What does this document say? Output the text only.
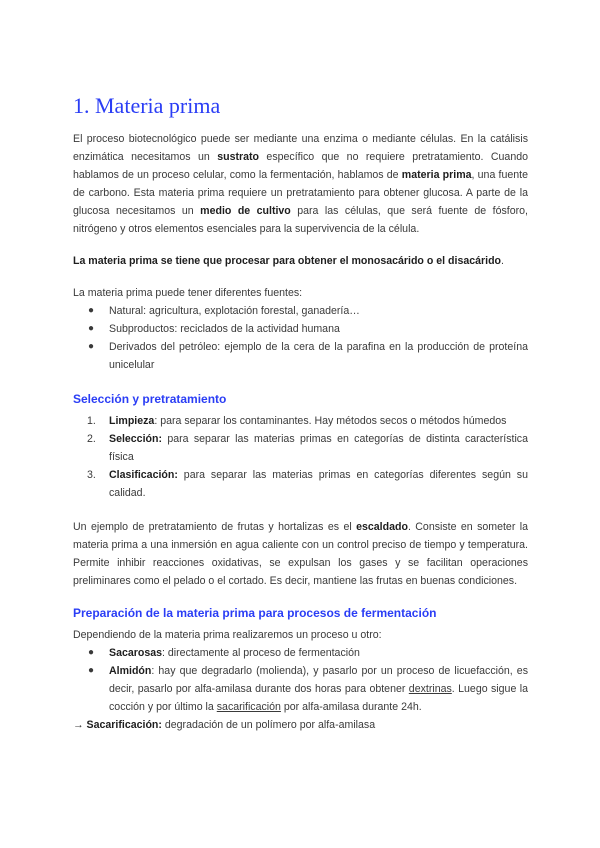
1. Materia prima

El proceso biotecnológico puede ser mediante una enzima o mediante células. En la catálisis enzimática necesitamos un sustrato específico que no requiere pretratamiento. Cuando hablamos de un proceso celular, como la fermentación, hablamos de materia prima, una fuente de carbono. Esta materia prima requiere un pretratamiento para obtener glucosa. A parte de la glucosa necesitamos un medio de cultivo para las células, que será fuente de fósforo, nitrógeno y otros elementos esenciales para la supervivencia de la célula.

La materia prima se tiene que procesar para obtener el monosacárido o el disacárido.

La materia prima puede tener diferentes fuentes:

● Natural: agricultura, explotación forestal, ganadería…
● Subproductos: reciclados de la actividad humana
● Derivados del petróleo: ejemplo de la cera de la parafina en la producción de proteína unicelular
Selección y pretratamiento
1. Limpieza: para separar los contaminantes. Hay métodos secos o métodos húmedos
2. Selección: para separar las materias primas en categorías de distinta característica física
3. Clasificación: para separar las materias primas en categorías diferentes según su calidad.

Un ejemplo de pretratamiento de frutas y hortalizas es el escaldado. Consiste en someter la materia prima a una inmersión en agua caliente con un control preciso de tiempo y temperatura. Permite inhibir reacciones oxidativas, se expulsan los gases y se facilitan operaciones preliminares como el pelado o el cortado. Es decir, mantiene las frutas en buenas condiciones.

Preparación de la materia prima para procesos de fermentación

Dependiendo de la materia prima realizaremos un proceso u otro:

● Sacarosas: directamente al proceso de fermentación
● Almidón: hay que degradarlo (molienda), y pasarlo por un proceso de licuefacción, es decir, pasarlo por alfa-amilasa durante dos horas para obtener dextrinas. Luego sigue la cocción y por último la sacarificación por alfa-amilasa durante 24h.

→ Sacarificación: degradación de un polímero por alfa-amilasa
